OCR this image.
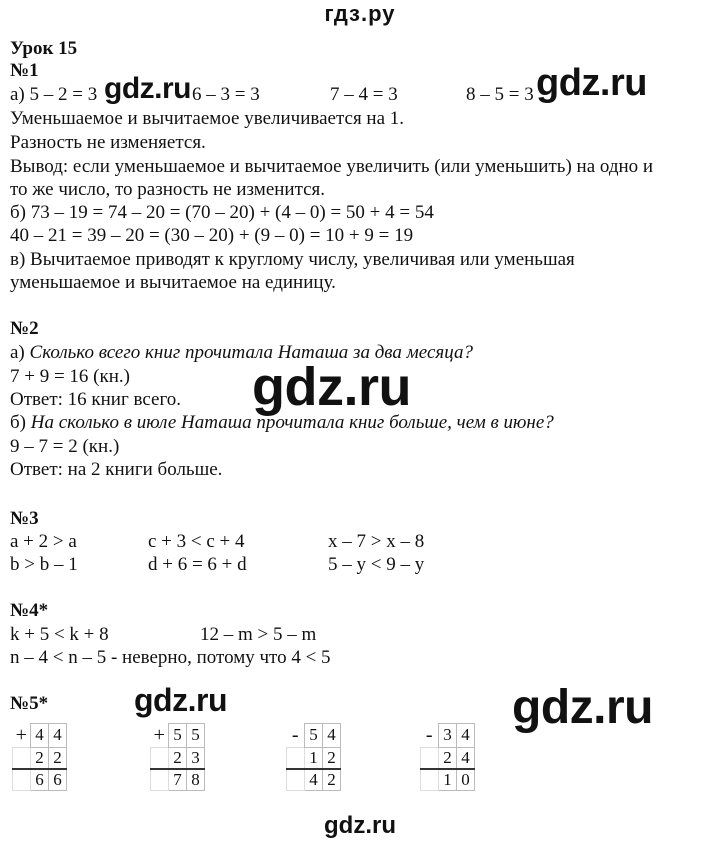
гдз.ру
Урок 15
№1
а) 5 – 2 = 3	6 – 3 = 3	7 – 4 = 3	8 – 5 = 3
gdz.ru	gdz.ru
Уменьшаемое и вычитаемое увеличивается на 1.
Разность не изменяется.
Вывод: если уменьшаемое и вычитаемое увеличить (или уменьшить) на одно и
то же число, то разность не изменится.
б) 73 – 19 = 74 – 20 = (70 – 20) + (4 – 0) = 50 + 4 = 54
40 – 21 = 39 – 20 = (30 – 20) + (9 – 0) = 10 + 9 = 19
в) Вычитаемое приводят к круглому числу, увеличивая или уменьшая
уменьшаемое и вычитаемое на единицу.
№2
а) Сколько всего книг прочитала Наташа за два месяца?
7 + 9 = 16 (кн.)
Ответ: 16 книг всего. gdz.ru
б) На сколько в июле Наташа прочитала книг больше, чем в июне?
9 – 7 = 2 (кн.)
Ответ: на 2 книги больше.
№3
a + 2 > a	c + 3 < c + 4	x – 7 > x – 8
b > b – 1	d + 6 = 6 + d	5 – y < 9 – y
№4*
k + 5 < k + 8	12 – m > 5 – m
n – 4 < n – 5 - неверно, потому что 4 < 5
№5*	gdz.ru	gdz.ru
+	4	4
	2	2
	6	6
+	5	5
	2	3
	7	8
-	5	4
	1	2
	4	2
-	3	4
	2	4
	1	0
gdz.ru
